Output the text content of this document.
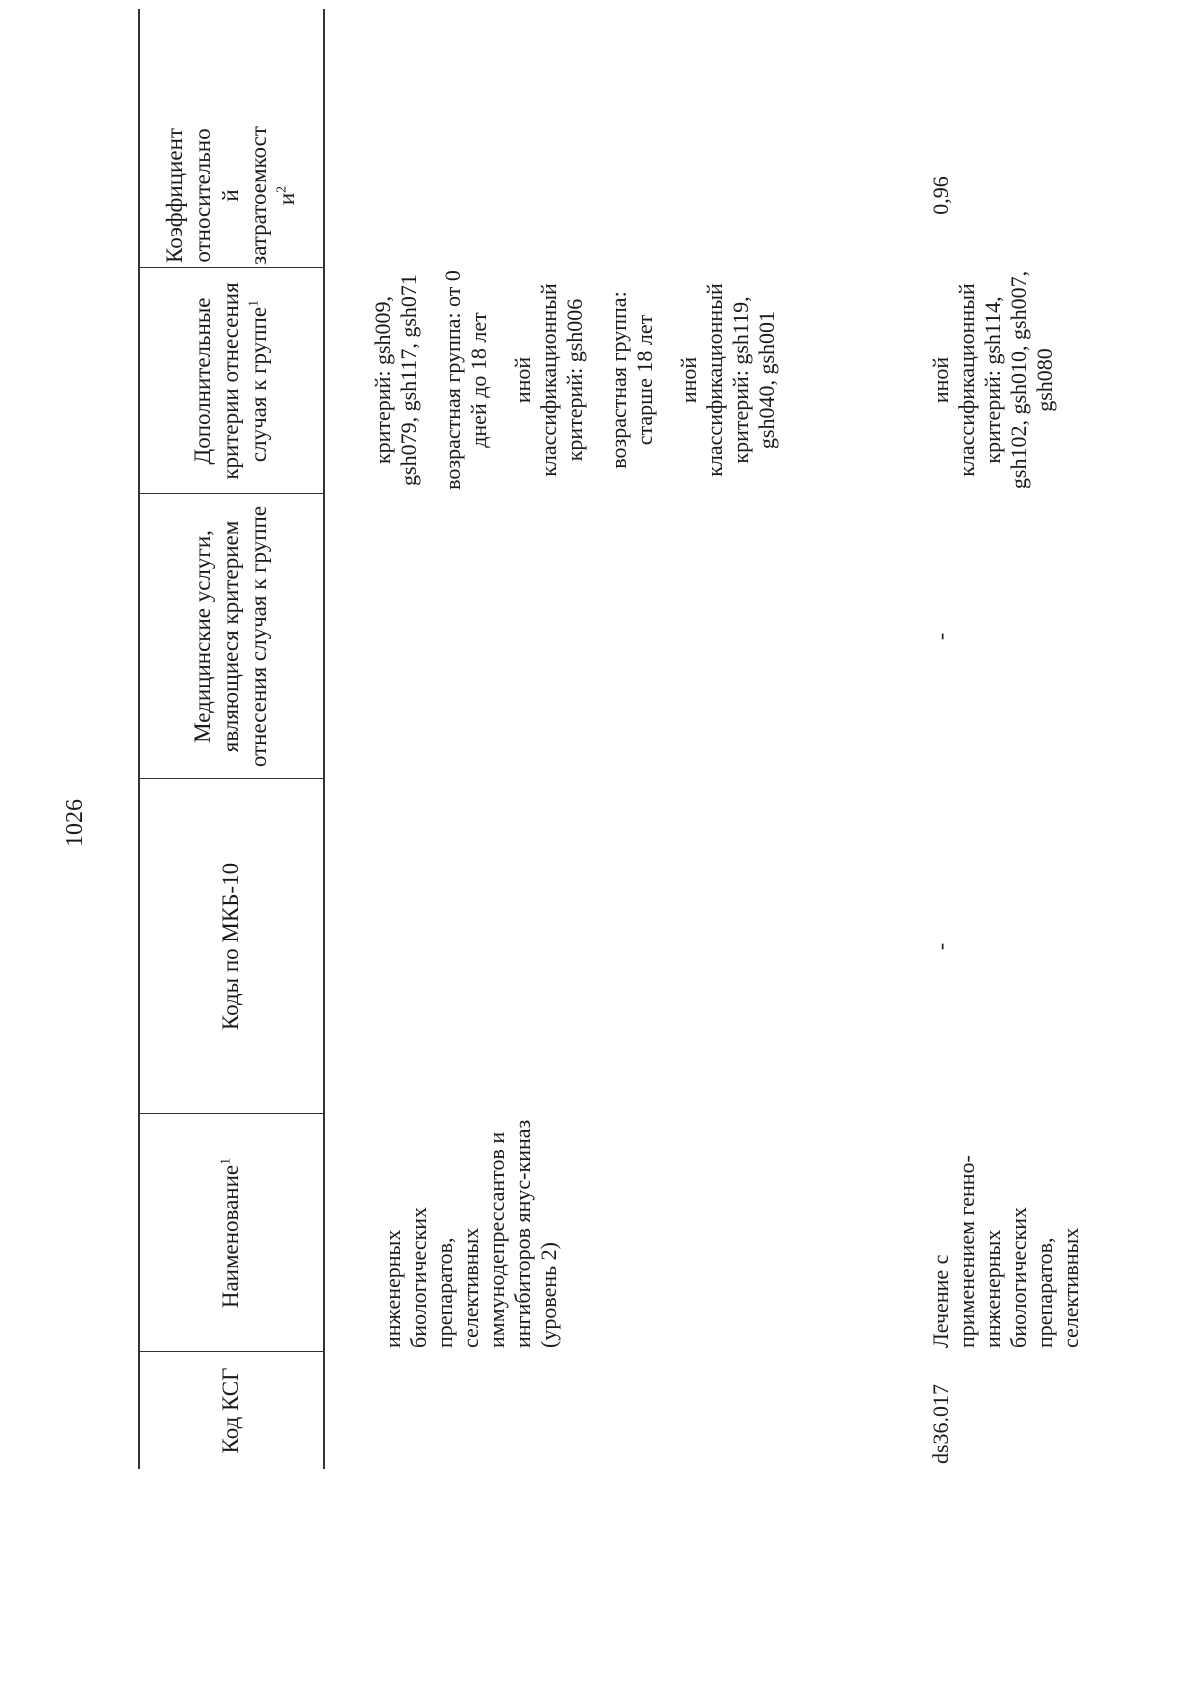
1026
Код КСГ
Наименование$^1$
Коды по МКБ-10
Медицинские услуги, являющиеся критерием отнесения случая к группе
Дополнительные критерии отнесения случая к группе$^1$
Коэффициент относительно й затратоемкост $и^2$
инженерных биологических препаратов, селективных иммунодепрессантов и ингибиторов янус-киназ (уровень 2)

критерий: gsh009, gsh079, gsh117, gsh071 возрастная группа: от 0 дней до 18 лет иной классификационный критерий: gsh006 возрастная группа: старше 18 лет иной классификационный критерий: gsh119, gsh040, gsh001

ds36.017
Лечение с применением генно-инженерных биологических препаратов, селективных
-
-

иной классификационный критерий: gsh114, gsh102, gsh010, gsh007, gsh080

0,96
